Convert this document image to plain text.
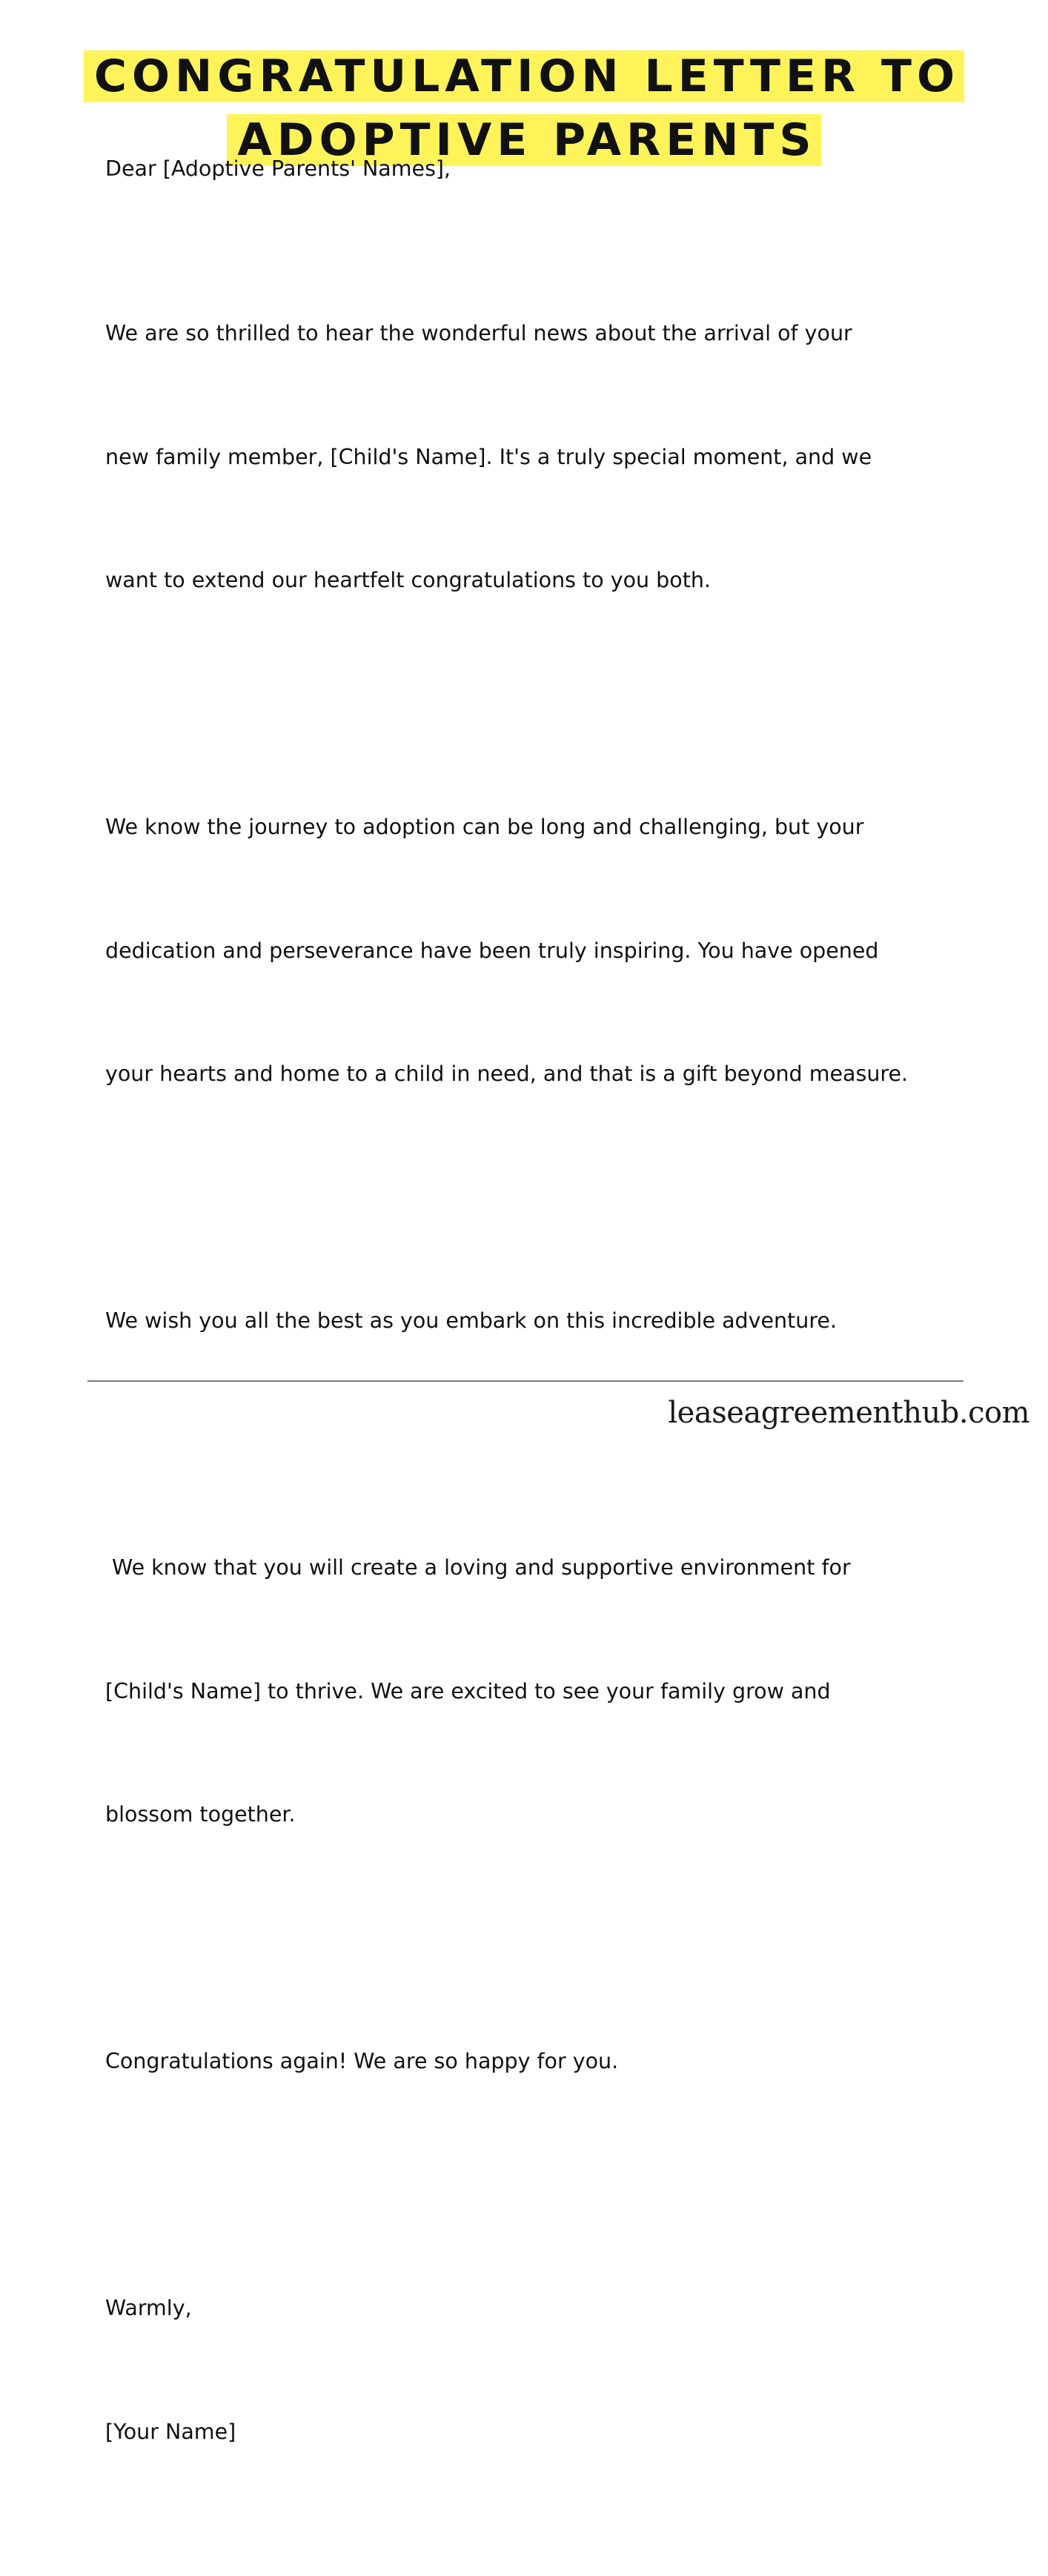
CONGRATULATION LETTER TO
ADOPTIVE PARENTS

Dear [Adoptive Parents' Names],

We are so thrilled to hear the wonderful news about the arrival of your

new family member, [Child's Name]. It's a truly special moment, and we

want to extend our heartfelt congratulations to you both.

We know the journey to adoption can be long and challenging, but your

dedication and perseverance have been truly inspiring. You have opened

your hearts and home to a child in need, and that is a gift beyond measure.

We wish you all the best as you embark on this incredible adventure.

We know that you will create a loving and supportive environment for

[Child's Name] to thrive. We are excited to see your family grow and

blossom together.

Congratulations again! We are so happy for you.

Warmly,

[Your Name]

leaseagreementhub.com
